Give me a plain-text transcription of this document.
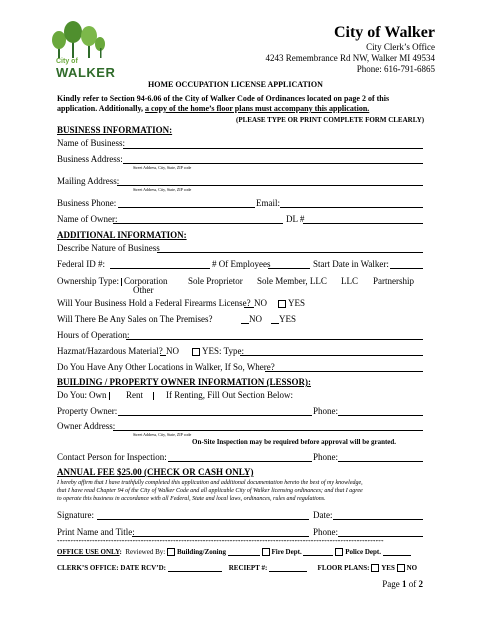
City of
WALKER
City of Walker
City Clerk’s Office
4243 Remembrance Rd NW, Walker MI 49534
Phone: 616-791-6865
HOME OCCUPATION LICENSE APPLICATION
Kindly refer to Section 94-6.06 of the City of Walker Code of Ordinances located on page 2 of this
application. Additionally, a copy of the home’s floor plans must accompany this application.
(PLEASE TYPE OR PRINT COMPLETE FORM CLEARLY)
BUSINESS INFORMATION:
Name of Business:
Business Address:
Street Address, City, State, ZIP code
Mailing Address:
Street Address, City, State, ZIP code
Business Phone:	Email:
Name of Owner:	DL #
ADDITIONAL INFORMATION:
Describe Nature of Business
Federal ID #:	# Of Employees	Start Date in Walker:
Ownership Type: Corporation Sole Proprietor Sole Member, LLC LLC Partnership
Other
Will Your Business Hold a Federal Firearms License? NO	YES
Will There Be Any Sales on The Premises?	NO	YES
Hours of Operation:
Hazmat/Hazardous Material? NO	YES: Type:
Do You Have Any Other Locations in Walker, If So, Where?
BUILDING / PROPERTY OWNER INFORMATION (LESSOR):
Do You: Own	Rent	If Renting, Fill Out Section Below:
Property Owner:	Phone:
Owner Address:
Street Address, City, State, ZIP code
On-Site Inspection may be required before approval will be granted.
Contact Person for Inspection:	Phone:
ANNUAL FEE $25.00 (CHECK OR CASH ONLY)
I hereby affirm that I have truthfully completed this application and additional documentation hereto the best of my knowledge,
that I have read Chapter 94 of the City of Walker Code and all applicable City of Walker licensing ordinances; and that I agree
to operate this business in accordance with all Federal, State and local laws, ordinances, rules and regulations.
Signature:	Date:
Print Name and Title:	Phone:
*************************************************************************************************************************
OFFICE USE ONLY: Reviewed By: Building/Zoning	Fire Dept.	Police Dept.
CLERK’S OFFICE: DATE RCV’D:	RECIEPT #:	FLOOR PLANS: YES NO
Page 1 of 2
